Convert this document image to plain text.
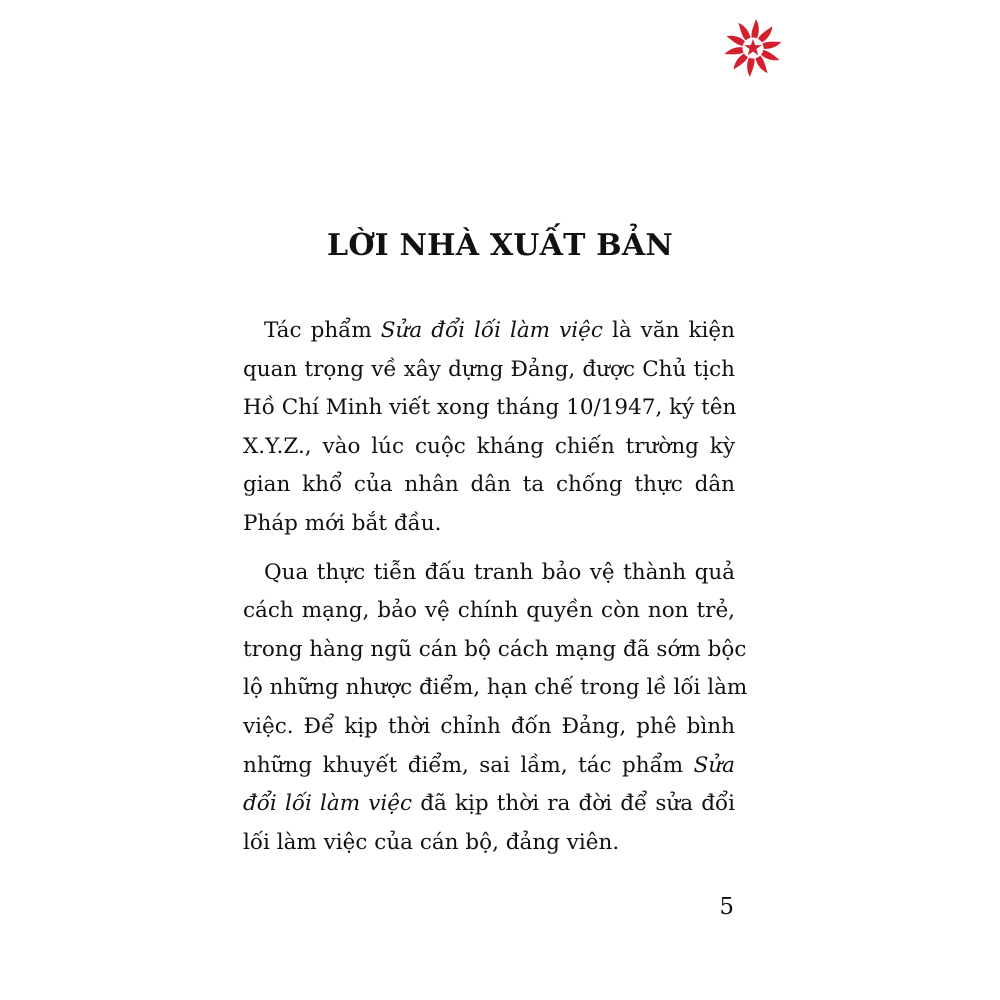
LỜI NHÀ XUẤT BẢN
Tác phẩm Sửa đổi lối làm việc là văn kiện
quan trọng về xây dựng Đảng, được Chủ tịch
Hồ Chí Minh viết xong tháng 10/1947, ký tên
X.Y.Z., vào lúc cuộc kháng chiến trường kỳ
gian khổ của nhân dân ta chống thực dân
Pháp mới bắt đầu.
Qua thực tiễn đấu tranh bảo vệ thành quả
cách mạng, bảo vệ chính quyền còn non trẻ,
trong hàng ngũ cán bộ cách mạng đã sớm bộc
lộ những nhược điểm, hạn chế trong lề lối làm
việc. Để kịp thời chỉnh đốn Đảng, phê bình
những khuyết điểm, sai lầm, tác phẩm Sửa
đổi lối làm việc đã kịp thời ra đời để sửa đổi
lối làm việc của cán bộ, đảng viên.
5
